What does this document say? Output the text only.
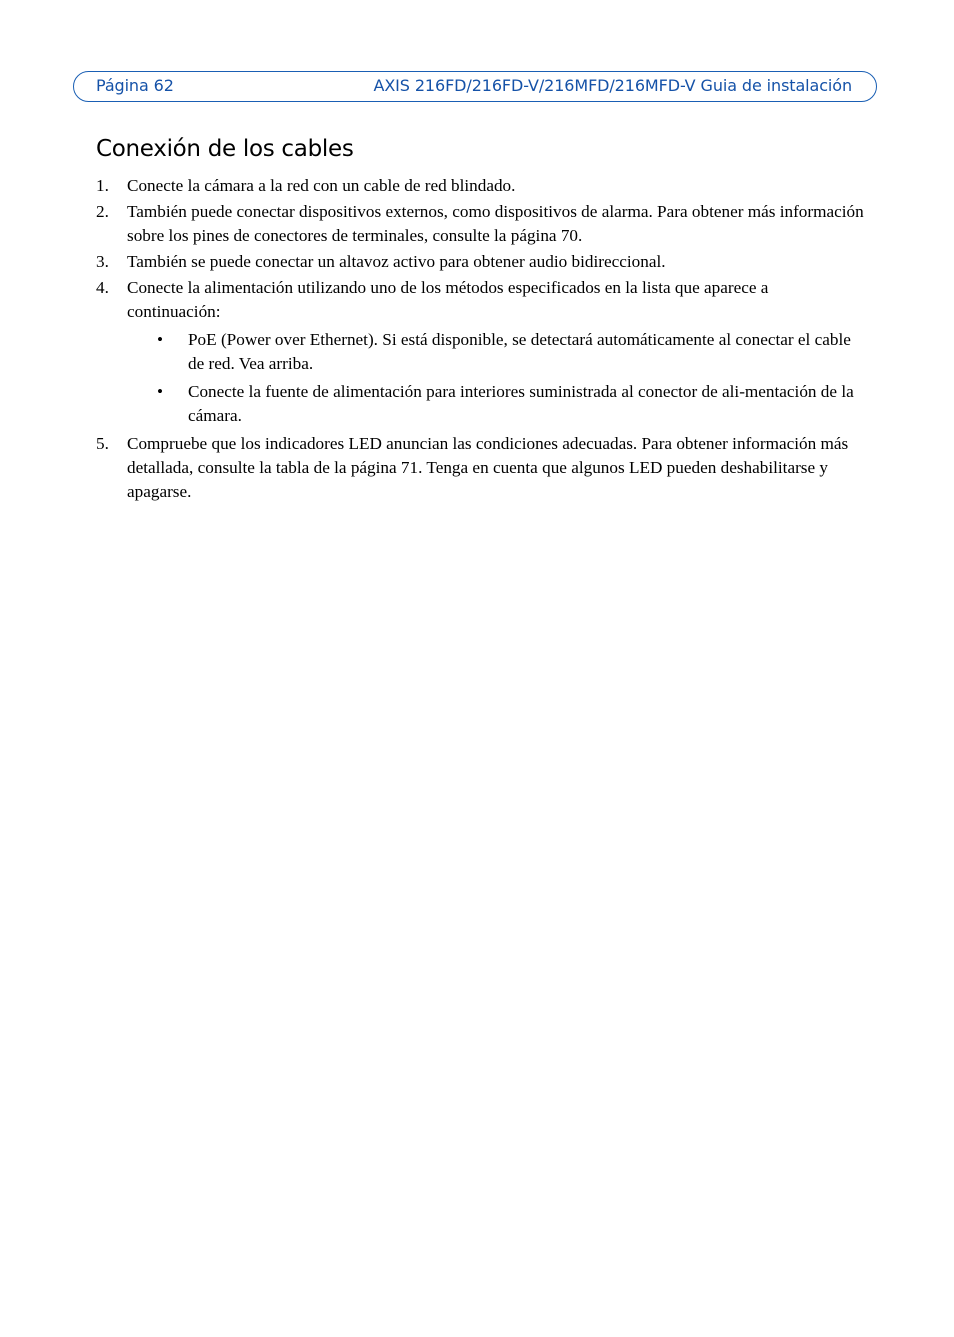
Página 62	AXIS 216FD/216FD-V/216MFD/216MFD-V Guia de instalación
Conexión de los cables
1. Conecte la cámara a la red con un cable de red blindado.
2. También puede conectar dispositivos externos, como dispositivos de alarma. Para obtener más información sobre los pines de conectores de terminales, consulte la página 70.
3. También se puede conectar un altavoz activo para obtener audio bidireccional.
4. Conecte la alimentación utilizando uno de los métodos especificados en la lista que aparece a continuación:
• PoE (Power over Ethernet). Si está disponible, se detectará automáticamente al conectar el cable de red. Vea arriba.
• Conecte la fuente de alimentación para interiores suministrada al conector de ali-mentación de la cámara.
5. Compruebe que los indicadores LED anuncian las condiciones adecuadas. Para obtener información más detallada, consulte la tabla de la página 71. Tenga en cuenta que algunos LED pueden deshabilitarse y apagarse.
